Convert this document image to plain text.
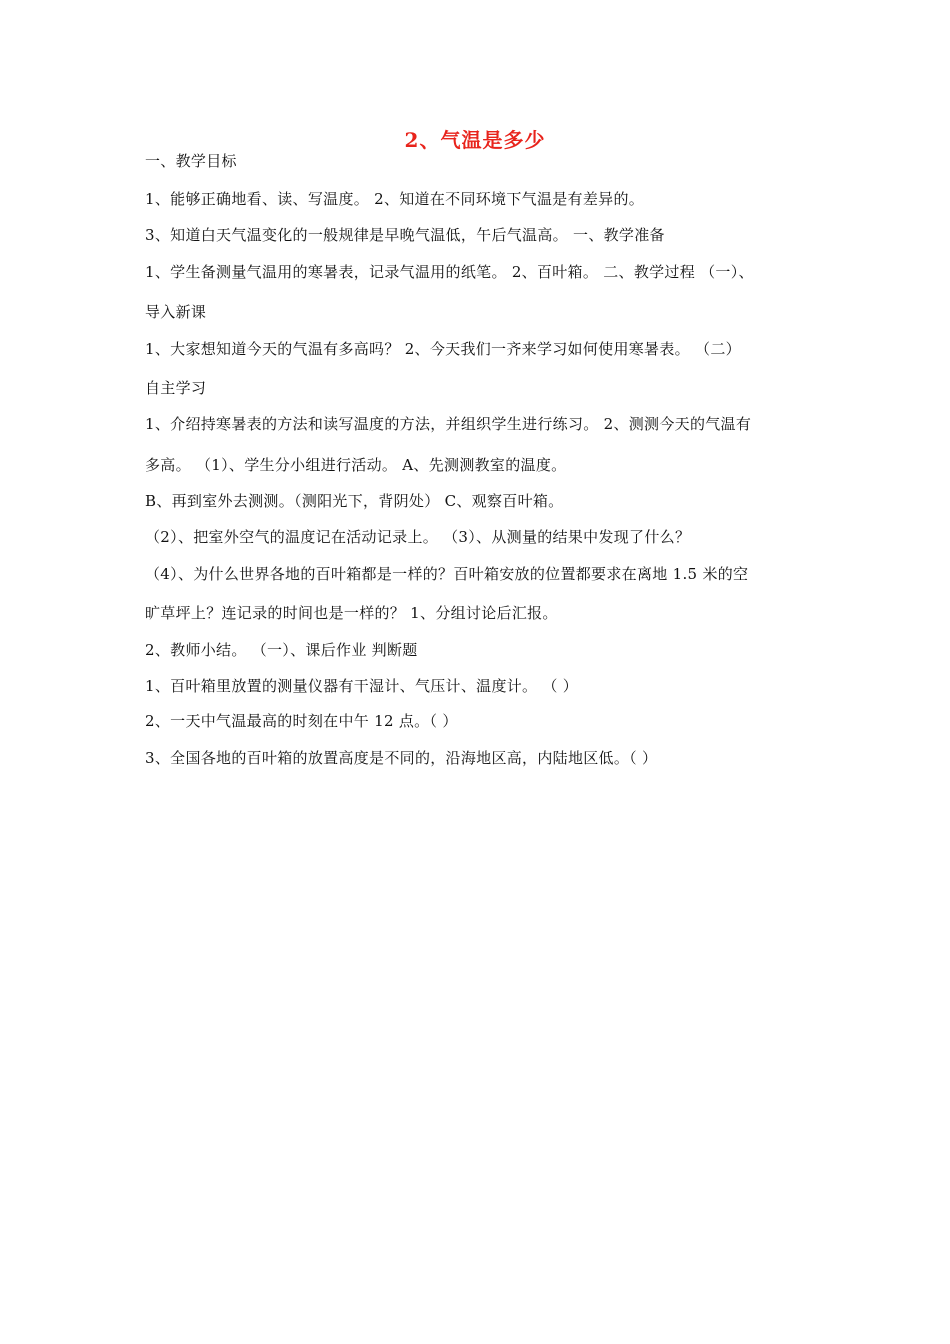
2、气温是多少
一、教学目标
1、能够正确地看、读、写温度。 2、知道在不同环境下气温是有差异的。
3、知道白天气温变化的一般规律是早晚气温低，午后气温高。 一、教学准备
1、学生备测量气温用的寒暑表，记录气温用的纸笔。 2、百叶箱。 二、教学过程 （一）、
导入新课
1、大家想知道今天的气温有多高吗？ 2、今天我们一齐来学习如何使用寒暑表。 （二）
自主学习
1、介绍持寒暑表的方法和读写温度的方法，并组织学生进行练习。 2、测测今天的气温有
多高。 （1）、学生分小组进行活动。 A、先测测教室的温度。
B、再到室外去测测。（测阳光下，背阴处） C、观察百叶箱。
（2）、把室外空气的温度记在活动记录上。 （3）、从测量的结果中发现了什么？
（4）、为什么世界各地的百叶箱都是一样的？百叶箱安放的位置都要求在离地 1.5 米的空
旷草坪上？连记录的时间也是一样的？ 1、分组讨论后汇报。
2、教师小结。 （一）、课后作业 判断题
1、百叶箱里放置的测量仪器有干湿计、气压计、温度计。 （ ）
2、一天中气温最高的时刻在中午 12 点。（ ）
3、全国各地的百叶箱的放置高度是不同的，沿海地区高，内陆地区低。（ ）
